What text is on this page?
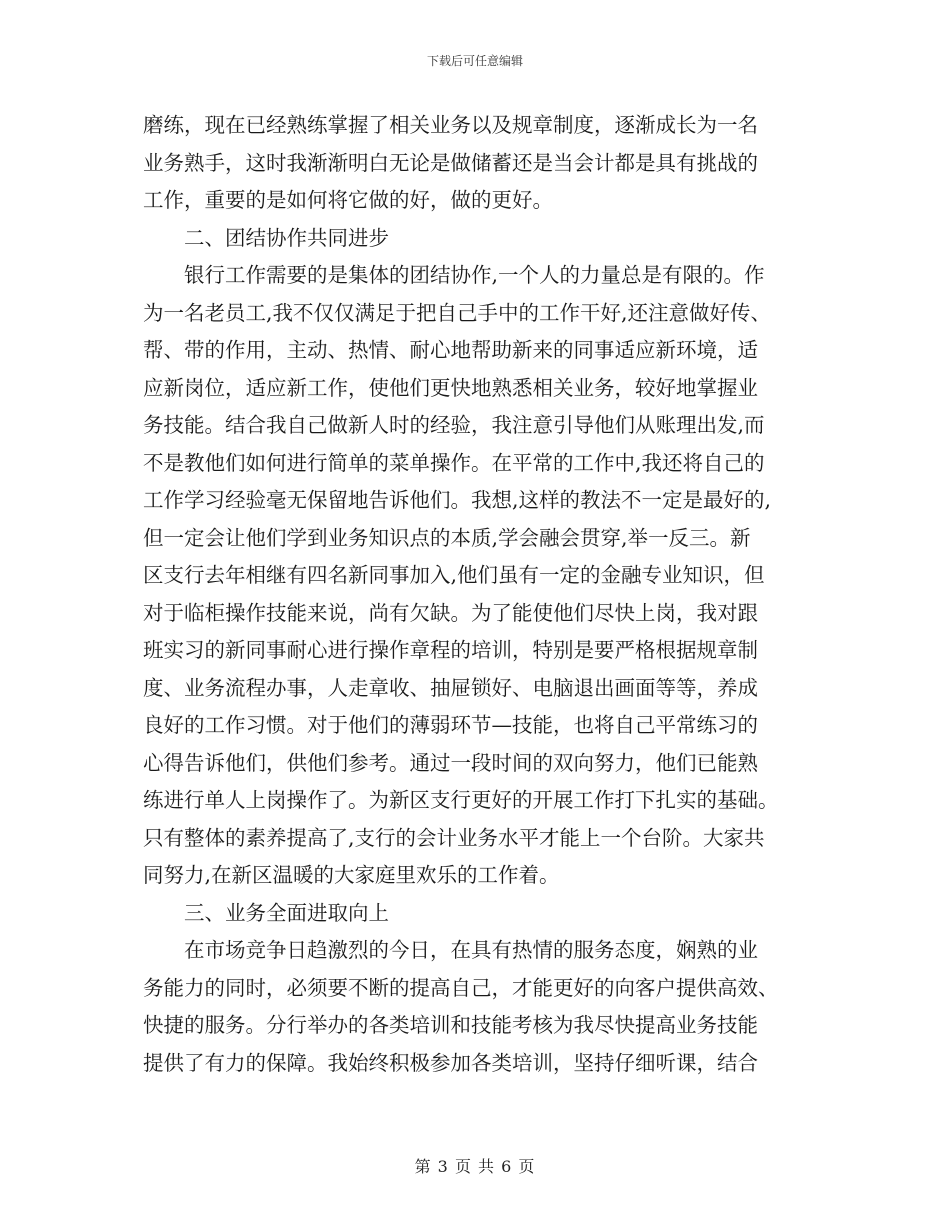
下载后可任意编辑
磨练，现在已经熟练掌握了相关业务以及规章制度，逐渐成长为一名
业务熟手，这时我渐渐明白无论是做储蓄还是当会计都是具有挑战的
工作，重要的是如何将它做的好，做的更好。
二、团结协作共同进步
银行工作需要的是集体的团结协作,一个人的力量总是有限的。作
为一名老员工,我不仅仅满足于把自己手中的工作干好,还注意做好传、
帮、带的作用，主动、热情、耐心地帮助新来的同事适应新环境，适
应新岗位，适应新工作，使他们更快地熟悉相关业务，较好地掌握业
务技能。结合我自己做新人时的经验，我注意引导他们从账理出发,而
不是教他们如何进行简单的菜单操作。在平常的工作中,我还将自己的
工作学习经验毫无保留地告诉他们。我想,这样的教法不一定是最好的,
但一定会让他们学到业务知识点的本质,学会融会贯穿,举一反三。新
区支行去年相继有四名新同事加入,他们虽有一定的金融专业知识，但
对于临柜操作技能来说，尚有欠缺。为了能使他们尽快上岗，我对跟
班实习的新同事耐心进行操作章程的培训，特别是要严格根据规章制
度、业务流程办事，人走章收、抽屉锁好、电脑退出画面等等，养成
良好的工作习惯。对于他们的薄弱环节—技能，也将自己平常练习的
心得告诉他们，供他们参考。通过一段时间的双向努力，他们已能熟
练进行单人上岗操作了。为新区支行更好的开展工作打下扎实的基础。
只有整体的素养提高了,支行的会计业务水平才能上一个台阶。大家共
同努力,在新区温暖的大家庭里欢乐的工作着。
三、业务全面进取向上
在市场竞争日趋激烈的今日，在具有热情的服务态度，娴熟的业
务能力的同时，必须要不断的提高自己，才能更好的向客户提供高效、
快捷的服务。分行举办的各类培训和技能考核为我尽快提高业务技能
提供了有力的保障。我始终积极参加各类培训，坚持仔细听课，结合
第 3 页 共 6 页
